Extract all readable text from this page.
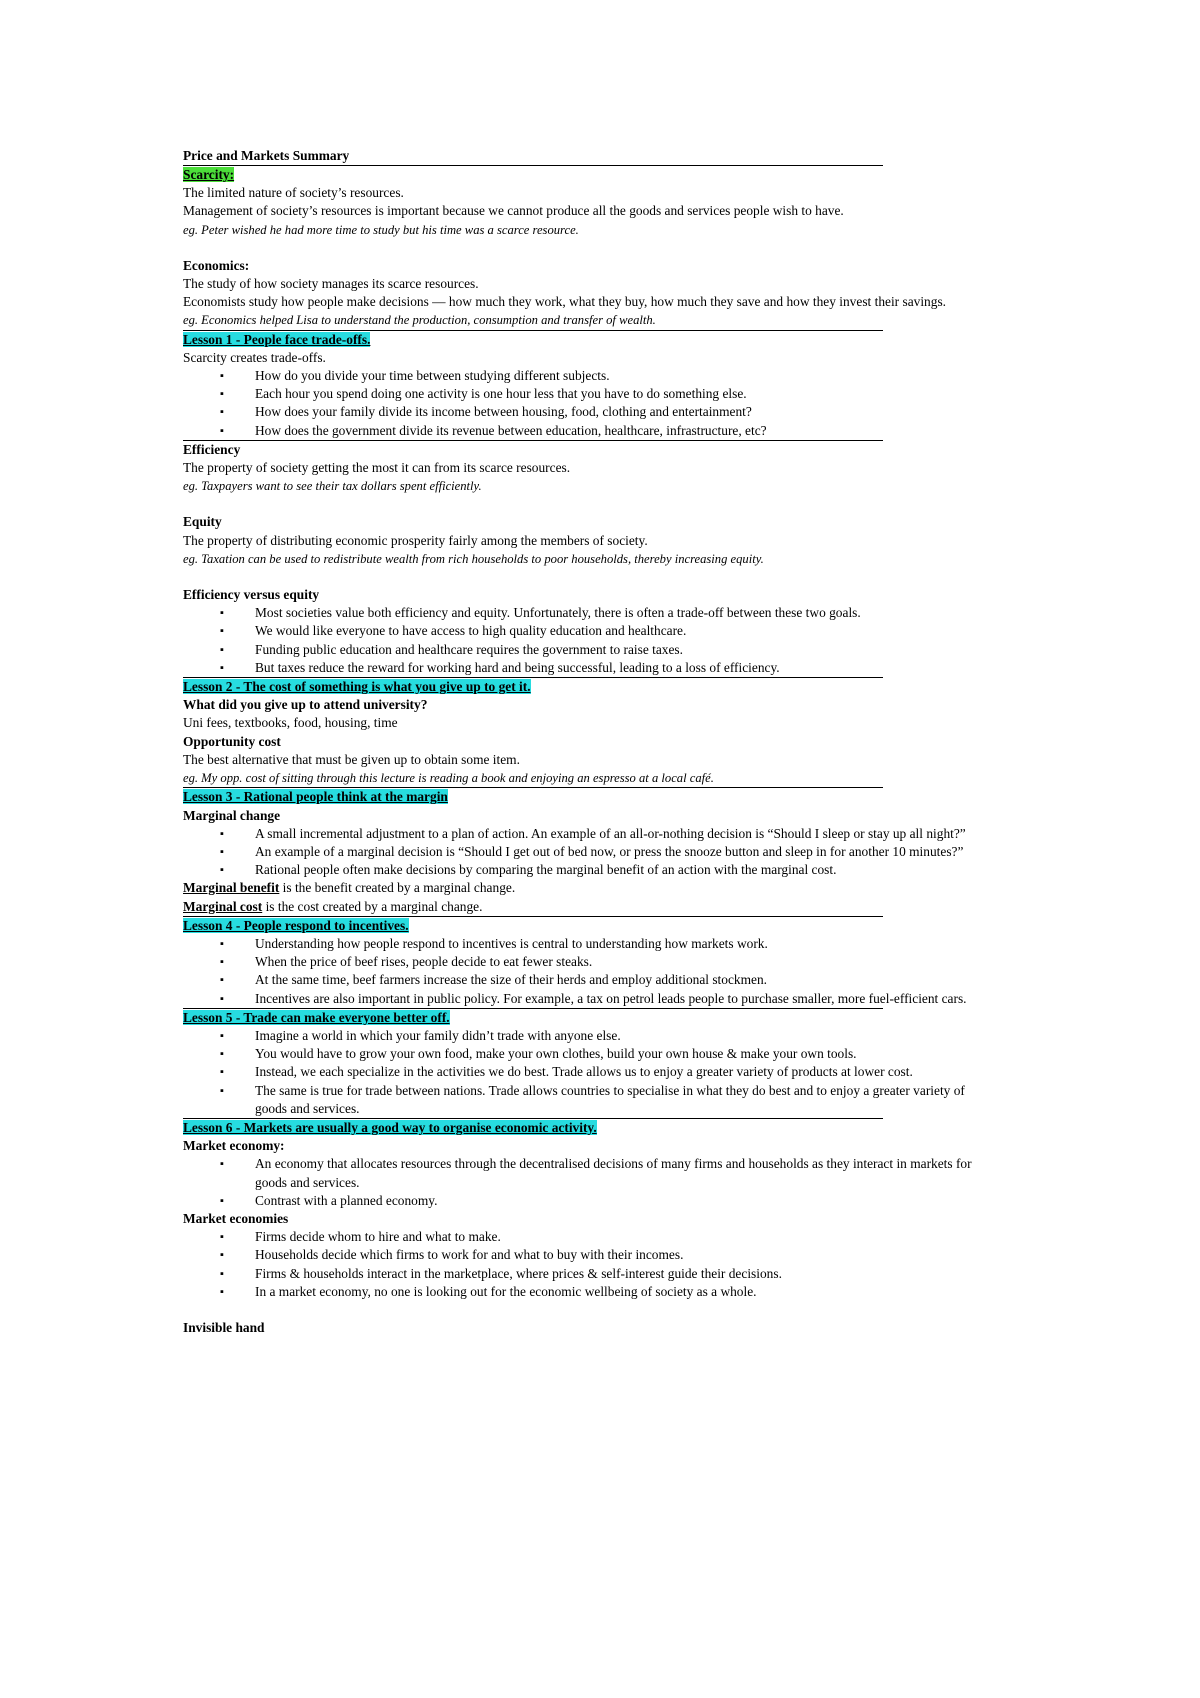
Price and Markets Summary

Scarcity:

The limited nature of society’s resources.

Management of society’s resources is important because we cannot produce all the goods and services people wish to have.

eg. Peter wished he had more time to study but his time was a scarce resource.

Economics:

The study of how society manages its scarce resources.

Economists study how people make decisions — how much they work, what they buy, how much they save and how they invest their savings.

eg. Economics helped Lisa to understand the production, consumption and transfer of wealth.

Lesson 1 - People face trade-offs.

Scarcity creates trade-offs.

▪ How do you divide your time between studying different subjects.
▪ Each hour you spend doing one activity is one hour less that you have to do something else.
▪ How does your family divide its income between housing, food, clothing and entertainment?
▪ How does the government divide its revenue between education, healthcare, infrastructure, etc?

Efficiency

The property of society getting the most it can from its scarce resources.

eg. Taxpayers want to see their tax dollars spent efficiently.

Equity

The property of distributing economic prosperity fairly among the members of society.

eg. Taxation can be used to redistribute wealth from rich households to poor households, thereby increasing equity.

Efficiency versus equity

▪ Most societies value both efficiency and equity. Unfortunately, there is often a trade-off between these two goals.
▪ We would like everyone to have access to high quality education and healthcare.
▪ Funding public education and healthcare requires the government to raise taxes.
▪ But taxes reduce the reward for working hard and being successful, leading to a loss of efficiency.

Lesson 2 - The cost of something is what you give up to get it.

What did you give up to attend university?

Uni fees, textbooks, food, housing, time

Opportunity cost

The best alternative that must be given up to obtain some item.

eg. My opp. cost of sitting through this lecture is reading a book and enjoying an espresso at a local café.

Lesson 3 - Rational people think at the margin

Marginal change

▪ A small incremental adjustment to a plan of action. An example of an all-or-nothing decision is “Should I sleep or stay up all night?”
▪ An example of a marginal decision is “Should I get out of bed now, or press the snooze button and sleep in for another 10 minutes?”
▪ Rational people often make decisions by comparing the marginal benefit of an action with the marginal cost.

Marginal benefit is the benefit created by a marginal change.

Marginal cost is the cost created by a marginal change.

Lesson 4 - People respond to incentives.

▪ Understanding how people respond to incentives is central to understanding how markets work.
▪ When the price of beef rises, people decide to eat fewer steaks.
▪ At the same time, beef farmers increase the size of their herds and employ additional stockmen.
▪ Incentives are also important in public policy. For example, a tax on petrol leads people to purchase smaller, more fuel-efficient cars.

Lesson 5 - Trade can make everyone better off.

▪ Imagine a world in which your family didn’t trade with anyone else.
▪ You would have to grow your own food, make your own clothes, build your own house & make your own tools.
▪ Instead, we each specialize in the activities we do best. Trade allows us to enjoy a greater variety of products at lower cost.
▪ The same is true for trade between nations. Trade allows countries to specialise in what they do best and to enjoy a greater variety of goods and services.

Lesson 6 - Markets are usually a good way to organise economic activity.

Market economy:

▪ An economy that allocates resources through the decentralised decisions of many firms and households as they interact in markets for goods and services.
▪ Contrast with a planned economy.

Market economies

▪ Firms decide whom to hire and what to make.
▪ Households decide which firms to work for and what to buy with their incomes.
▪ Firms & households interact in the marketplace, where prices & self-interest guide their decisions.
▪ In a market economy, no one is looking out for the economic wellbeing of society as a whole.

Invisible hand
